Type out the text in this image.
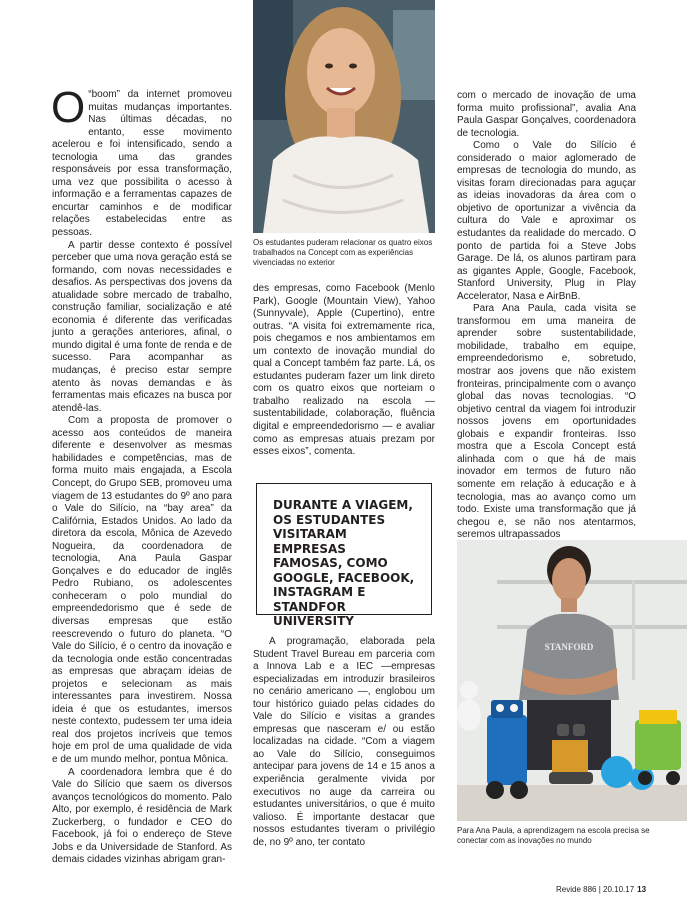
Os estudantes puderam relacionar os quatro eixos trabalhados na Concept com as experiências vivenciadas no exterior

O “boom” da internet promoveu muitas mudanças importantes. Nas últimas décadas, no entanto, esse movimento acelerou e foi intensificado, sendo a tecnologia uma das grandes responsáveis por essa transformação, uma vez que possibilita o acesso à informação e a ferramentas capazes de encurtar caminhos e de modificar relações estabelecidas entre as pessoas.

A partir desse contexto é possível perceber que uma nova geração está se formando, com novas necessidades e desafios. As perspectivas dos jovens da atualidade sobre mercado de trabalho, construção familiar, socialização e até economia é diferente das verificadas junto a gerações anteriores, afinal, o mundo digital é uma fonte de renda e de sucesso. Para acompanhar as mudanças, é preciso estar sempre atento às novas demandas e às ferramentas mais eficazes na busca por atendê-las.

Com a proposta de promover o acesso aos conteúdos de maneira diferente e desenvolver as mesmas habilidades e competências, mas de forma muito mais engajada, a Escola Concept, do Grupo SEB, promoveu uma viagem de 13 estudantes do 9º ano para o Vale do Silício, na “bay area” da Califórnia, Estados Unidos. Ao lado da diretora da escola, Mônica de Azevedo Nogueira, da coordenadora de tecnologia, Ana Paula Gaspar Gonçalves e do educador de inglês Pedro Rubiano, os adolescentes conheceram o polo mundial do empreendedorismo que é sede de diversas empresas que estão reescrevendo o futuro do planeta. “O Vale do Silício, é o centro da inovação e da tecnologia onde estão concentradas as empresas que abraçam ideias de projetos e selecionam as mais interessantes para investirem. Nossa ideia é que os estudantes, imersos neste contexto, pudessem ter uma ideia real dos projetos incríveis que temos hoje em prol de uma qualidade de vida e de um mundo melhor, pontua Mônica.

A coordenadora lembra que é do Vale do Silício que saem os diversos avanços tecnológicos do momento. Palo Alto, por exemplo, é residência de Mark Zuckerberg, o fundador e CEO do Facebook, já foi o endereço de Steve Jobs e da Universidade de Stanford. As demais cidades vizinhas abrigam gran-

des empresas, como Facebook (Menlo Park), Google (Mountain View), Yahoo (Sunnyvale), Apple (Cupertino), entre outras. “A visita foi extremamente rica, pois chegamos e nos ambientamos em um contexto de inovação mundial do qual a Concept também faz parte. Lá, os estudantes puderam fazer um link direto com os quatro eixos que norteiam o trabalho realizado na escola — sustentabilidade, colaboração, fluência digital e empreendedorismo — e avaliar como as empresas atuais prezam por esses eixos”, comenta.

DURANTE A VIAGEM, OS ESTUDANTES VISITARAM EMPRESAS FAMOSAS, COMO GOOGLE, FACEBOOK, INSTAGRAM E STANDFOR UNIVERSITY

A programação, elaborada pela Student Travel Bureau em parceria com a Innova Lab e a IEC —empresas especializadas em introduzir brasileiros no cenário americano —, englobou um tour histórico guiado pelas cidades do Vale do Silício e visitas a grandes empresas que nasceram e/ ou estão localizadas na cidade. “Com a viagem ao Vale do Silício, conseguimos antecipar para jovens de 14 e 15 anos a experiência geralmente vivida por executivos no auge da carreira ou estudantes universitários, o que é muito valioso. É importante destacar que nossos estudantes tiveram o privilégio de, no 9º ano, ter contato

com o mercado de inovação de uma forma muito profissional”, avalia Ana Paula Gaspar Gonçalves, coordenadora de tecnologia.

Como o Vale do Silício é considerado o maior aglomerado de empresas de tecnologia do mundo, as visitas foram direcionadas para aguçar as ideias inovadoras da área com o objetivo de oportunizar a vivência da cultura do Vale e aproximar os estudantes da realidade do mercado. O ponto de partida foi a Steve Jobs Garage. De lá, os alunos partiram para as gigantes Apple, Google, Facebook, Stanford University, Plug in Play Accelerator, Nasa e AirBnB.

Para Ana Paula, cada visita se transformou em uma maneira de aprender sobre sustentabilidade, mobilidade, trabalho em equipe, empreendedorismo e, sobretudo, mostrar aos jovens que não existem fronteiras, principalmente com o avanço global das novas tecnologias. “O objetivo central da viagem foi introduzir nossos jovens em oportunidades globais e expandir fronteiras. Isso mostra que a Escola Concept está alinhada com o que há de mais inovador em termos de futuro não somente em relação à educação e à tecnologia, mas ao avanço como um todo. Existe uma transformação que já chegou e, se não nos atentarmos, seremos ultrapassados

STANFORD
Para Ana Paula, a aprendizagem na escola precisa se conectar com as inovações no mundo
Revide 886 | 20.10.17 13
